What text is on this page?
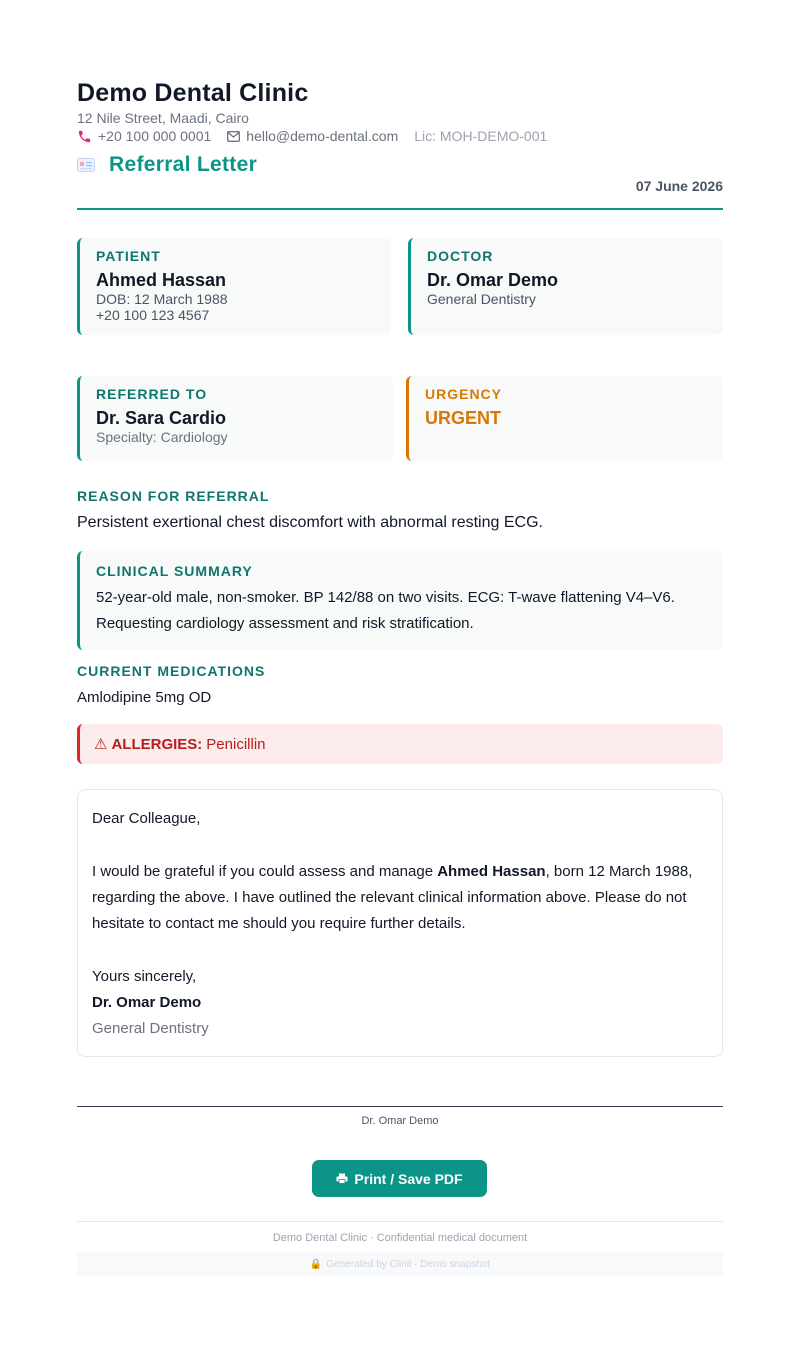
Demo Dental Clinic
12 Nile Street, Maadi, Cairo
+20 100 000 0001	hello@demo-dental.com Lic: MOH-DEMO-001
Referral Letter
07 June 2026
PATIENT
Ahmed Hassan
DOB: 12 March 1988
+20 100 123 4567
DOCTOR
Dr. Omar Demo
General Dentistry
REFERRED TO
Dr. Sara Cardio
Specialty: Cardiology
URGENCY
URGENT
REASON FOR REFERRAL
Persistent exertional chest discomfort with abnormal resting ECG.
CLINICAL SUMMARY
52-year-old male, non-smoker. BP 142/88 on two visits. ECG: T-wave flattening V4–V6.
Requesting cardiology assessment and risk stratification.
CURRENT MEDICATIONS
Amlodipine 5mg OD
⚠ ALLERGIES: Penicillin

Dear Colleague,

I would be grateful if you could assess and manage Ahmed Hassan, born 12 March 1988,

regarding the above. I have outlined the relevant clinical information above. Please do not

hesitate to contact me should you require further details.

Yours sincerely,

Dr. Omar Demo

General Dentistry

Dr. Omar Demo
Print / Save PDF
Demo Dental Clinic · Confidential medical document
🔒 Generated by Clinil · Demo snapshot
